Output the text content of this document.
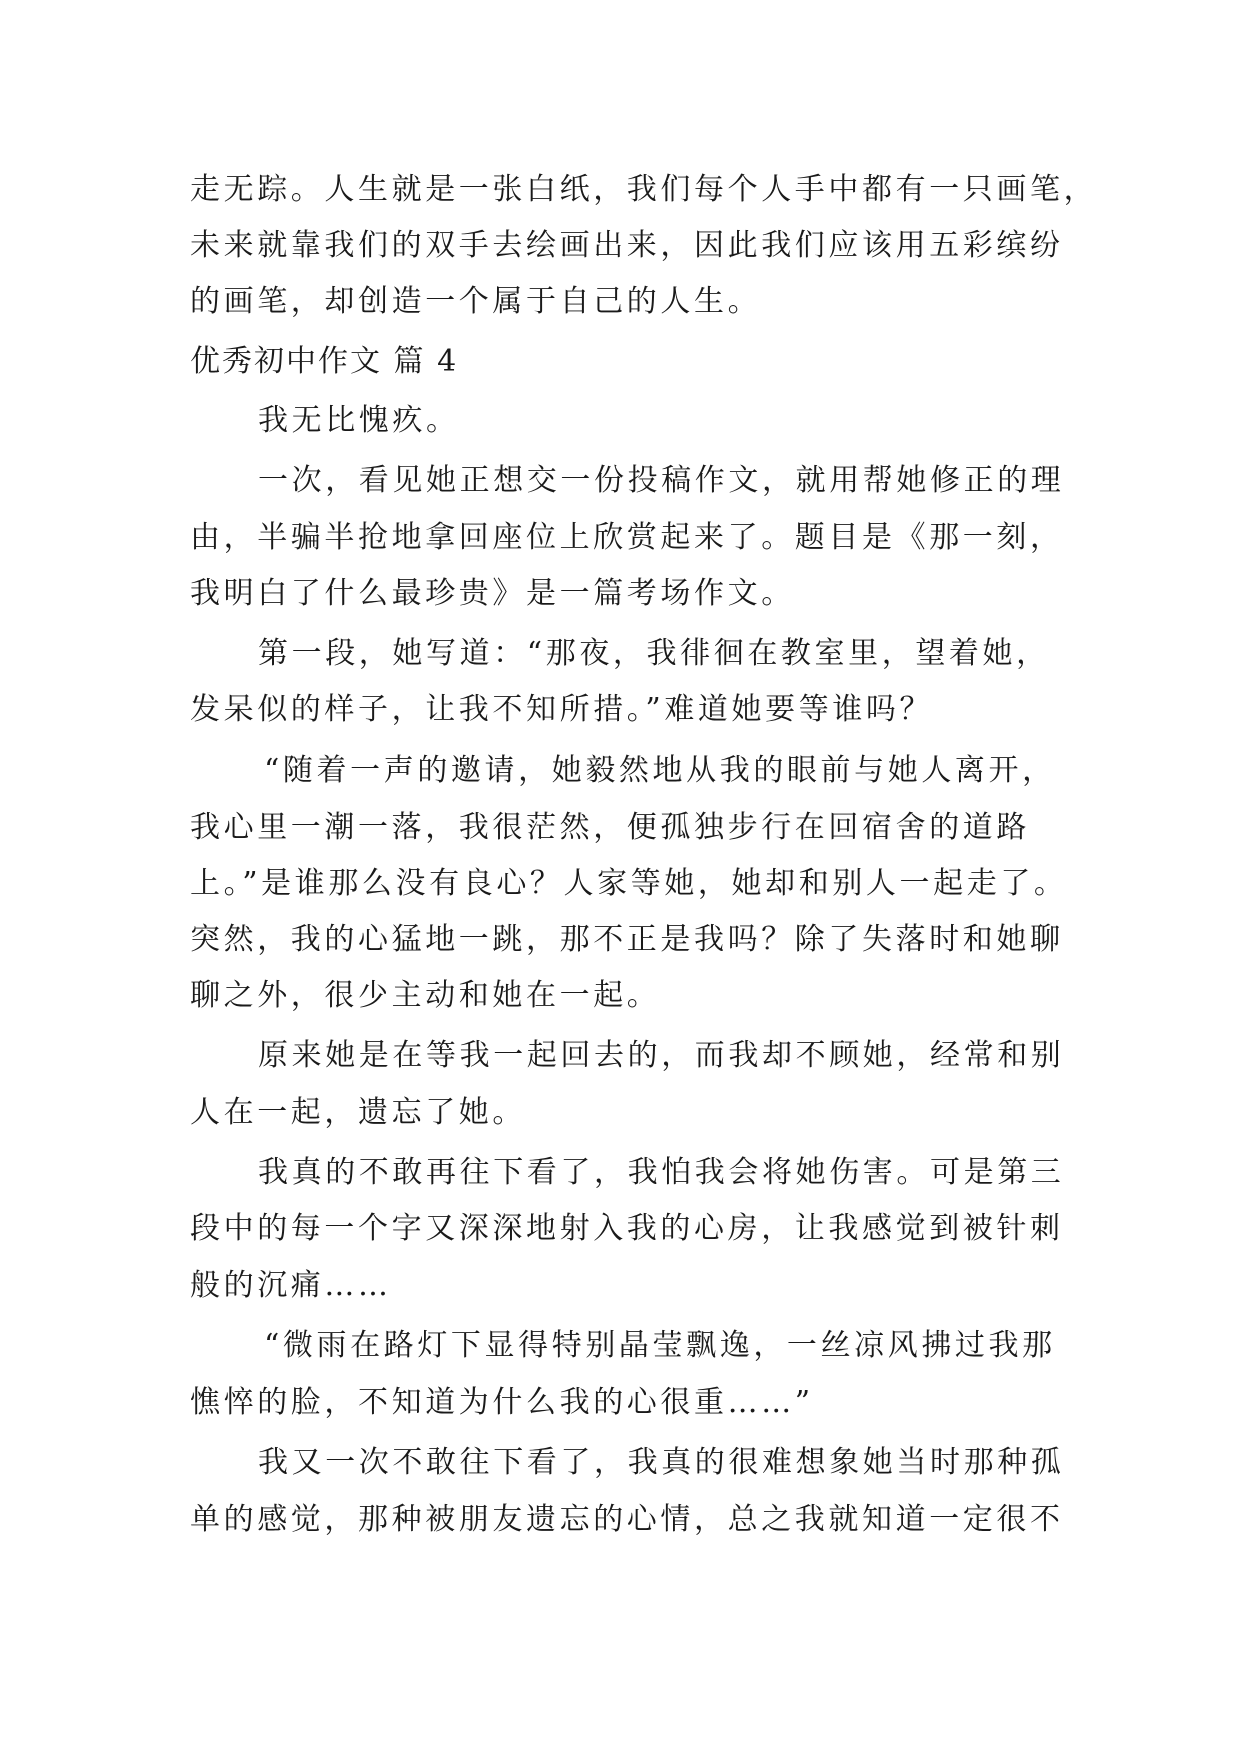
走无踪。人生就是一张白纸，我们每个人手中都有一只画笔，
未来就靠我们的双手去绘画出来，因此我们应该用五彩缤纷
的画笔，却创造一个属于自己的人生。
优秀初中作文 篇 4
我无比愧疚。
一次，看见她正想交一份投稿作文，就用帮她修正的理
由，半骗半抢地拿回座位上欣赏起来了。题目是《那一刻，
我明白了什么最珍贵》是一篇考场作文。
第一段，她写道：“那夜，我徘徊在教室里，望着她，
发呆似的样子，让我不知所措。”难道她要等谁吗？
“随着一声的邀请，她毅然地从我的眼前与她人离开，
我心里一潮一落，我很茫然，便孤独步行在回宿舍的道路
上。”是谁那么没有良心？人家等她，她却和别人一起走了。
突然，我的心猛地一跳，那不正是我吗？除了失落时和她聊
聊之外，很少主动和她在一起。
原来她是在等我一起回去的，而我却不顾她，经常和别
人在一起，遗忘了她。
我真的不敢再往下看了，我怕我会将她伤害。可是第三
段中的每一个字又深深地射入我的心房，让我感觉到被针刺
般的沉痛……
“微雨在路灯下显得特别晶莹飘逸，一丝凉风拂过我那
憔悴的脸，不知道为什么我的心很重……”
我又一次不敢往下看了，我真的很难想象她当时那种孤
单的感觉，那种被朋友遗忘的心情，总之我就知道一定很不
